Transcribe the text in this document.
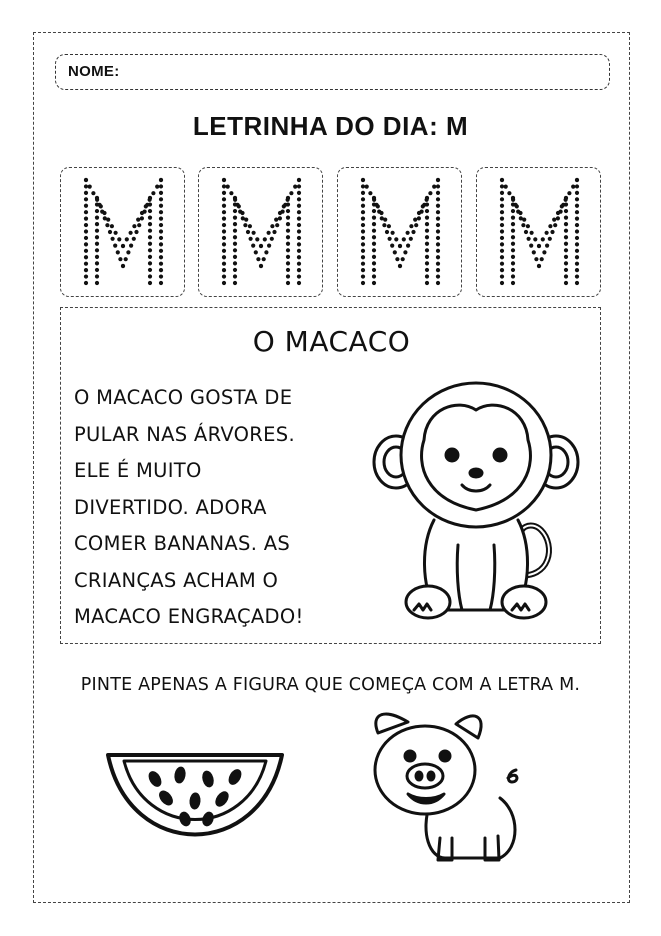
NOME:
LETRINHA DO DIA: M
O MACACO
O MACACO GOSTA DE
PULAR NAS ÁRVORES.
ELE É MUITO
DIVERTIDO. ADORA
COMER BANANAS. AS
CRIANÇAS ACHAM O
MACACO ENGRAÇADO!
PINTE APENAS A FIGURA QUE COMEÇA COM A LETRA M.
